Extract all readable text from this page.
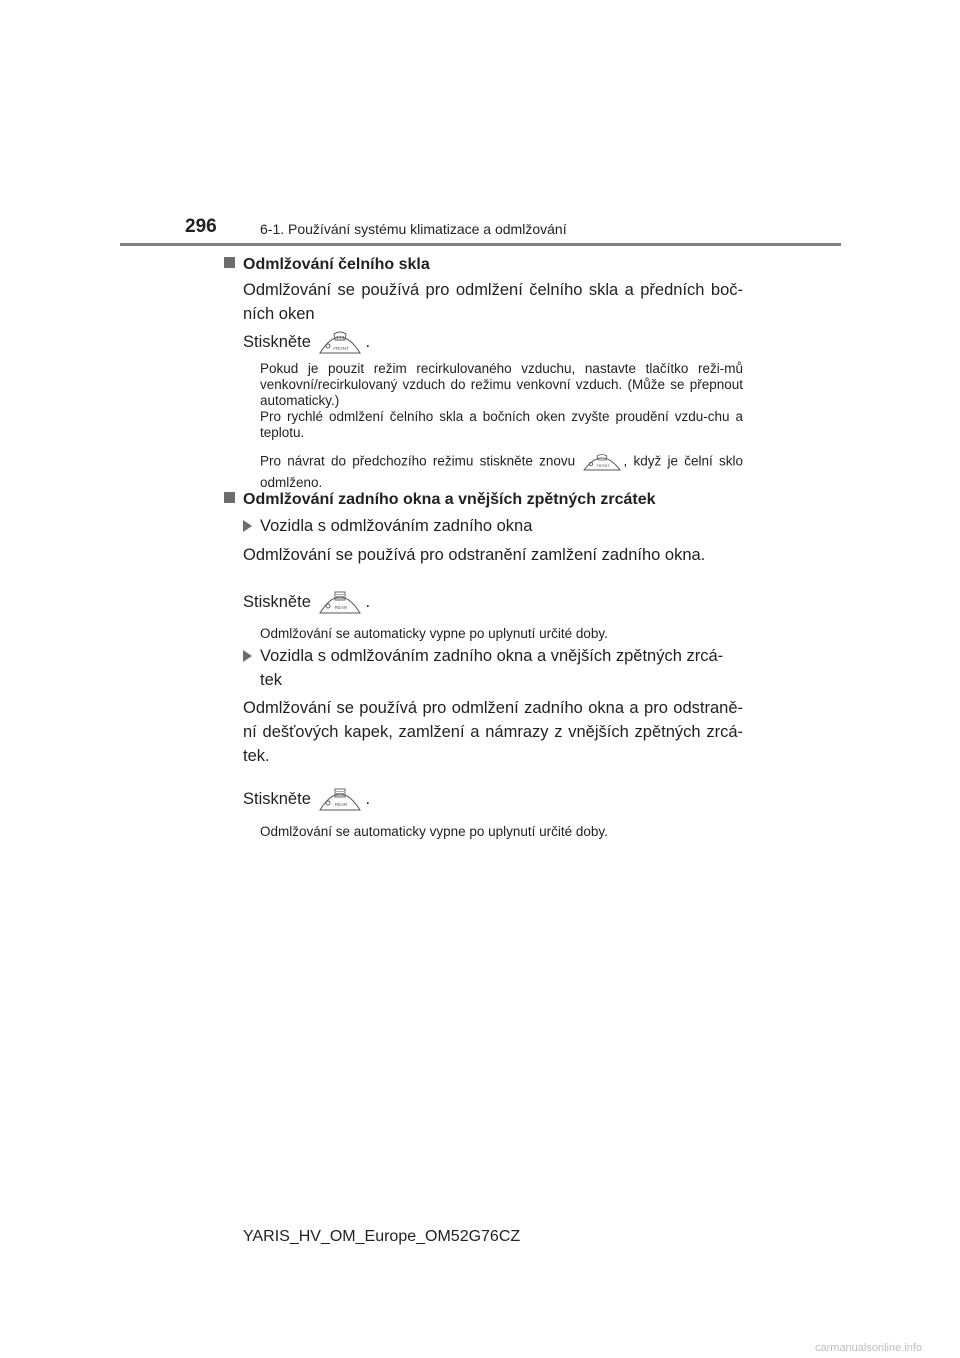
296	6-1. Používání systému klimatizace a odmlžování
Odmlžování čelního skla
Odmlžování se používá pro odmlžení čelního skla a předních boč-ních oken
Stiskněte	FRONT .
Pokud je pouzit režim recirkulovaného vzduchu, nastavte tlačítko reži-mů venkovní/recirkulovaný vzduch do režimu venkovní vzduch. (Může se přepnout automaticky.)
Pro rychlé odmlžení čelního skla a bočních oken zvyšte proudění vzdu-chu a teplotu.
Pro návrat do předchozího režimu stiskněte znovu	FRONT , když je čelní sklo odmlženo.
Odmlžování zadního okna a vnějších zpětných zrcátek
Vozidla s odmlžováním zadního okna
Odmlžování se používá pro odstranění zamlžení zadního okna.
Stiskněte	REAR .
Odmlžování se automaticky vypne po uplynutí určité doby.
Vozidla s odmlžováním zadního okna a vnějších zpětných zrcá-
tek
Odmlžování se používá pro odmlžení zadního okna a pro odstraně-ní dešťových kapek, zamlžení a námrazy z vnějších zpětných zrcá-tek.
Stiskněte	REAR .
Odmlžování se automaticky vypne po uplynutí určité doby.
YARIS_HV_OM_Europe_OM52G76CZ
carmanualsonline.info
